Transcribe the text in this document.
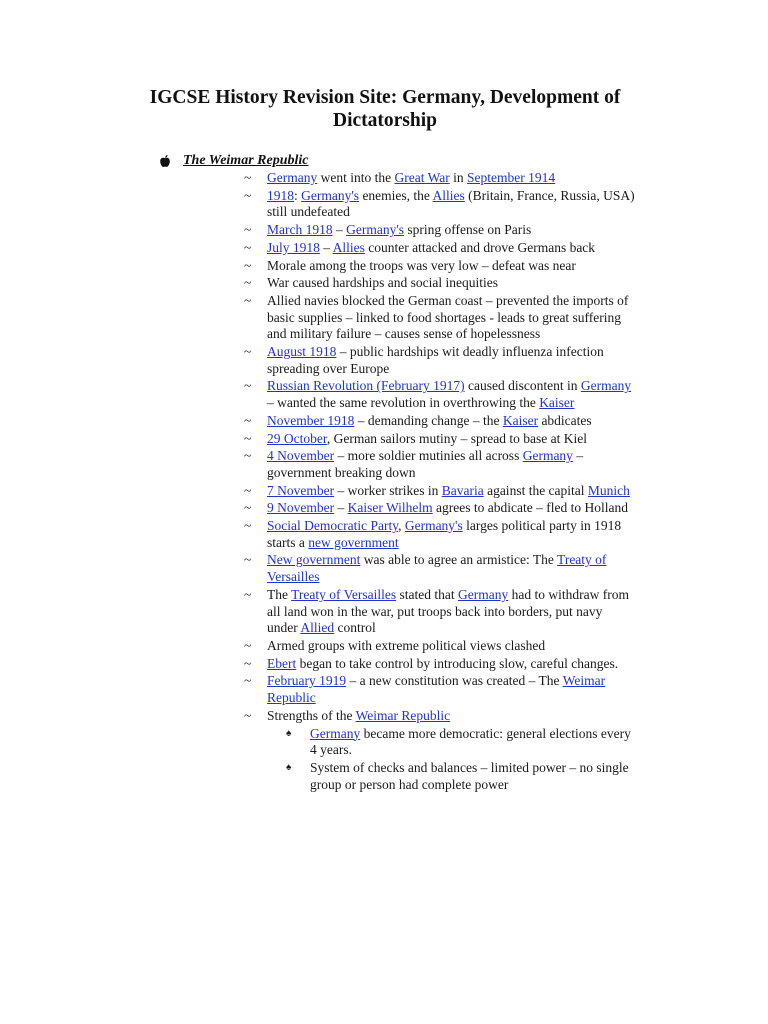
IGCSE History Revision Site: Germany, Development of Dictatorship
The Weimar Republic
~	Germany went into the Great War in September 1914
~	1918: Germany's enemies, the Allies (Britain, France, Russia, USA) still undefeated
~	March 1918 – Germany's spring offense on Paris
~	July 1918 – Allies counter attacked and drove Germans back
~	Morale among the troops was very low – defeat was near
~	War caused hardships and social inequities
~	Allied navies blocked the German coast – prevented the imports of basic supplies – linked to food shortages - leads to great suffering and military failure – causes sense of hopelessness
~	August 1918 – public hardships wit deadly influenza infection spreading over Europe
~	Russian Revolution (February 1917) caused discontent in Germany – wanted the same revolution in overthrowing the Kaiser
~	November 1918 – demanding change – the Kaiser abdicates
~	29 October, German sailors mutiny – spread to base at Kiel
~	4 November – more soldier mutinies all across Germany – government breaking down
~	7 November – worker strikes in Bavaria against the capital Munich
~	9 November – Kaiser Wilhelm agrees to abdicate – fled to Holland
~	Social Democratic Party, Germany's larges political party in 1918 starts a new government
~	New government was able to agree an armistice: The Treaty of Versailles
~	The Treaty of Versailles stated that Germany had to withdraw from all land won in the war, put troops back into borders, put navy under Allied control
~	Armed groups with extreme political views clashed
~	Ebert began to take control by introducing slow, careful changes.
~	February 1919 – a new constitution was created – The Weimar Republic
~	Strengths of the Weimar Republic
♠	Germany became more democratic: general elections every 4 years.
♠	System of checks and balances – limited power – no single group or person had complete power
